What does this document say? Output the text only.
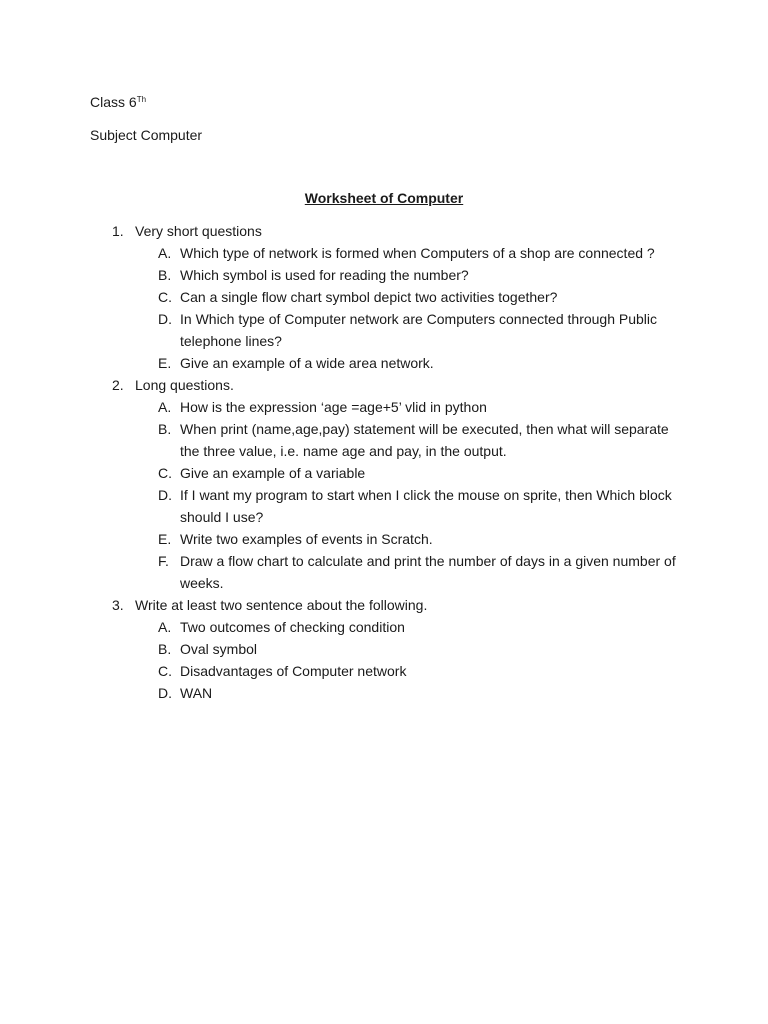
Class 6Th
Subject Computer
Worksheet of Computer
1. Very short questions
A. Which type of network is formed when Computers of a shop are connected ?
B. Which symbol is used for reading the number?
C. Can a single flow chart symbol depict two activities together?
D. In Which type of Computer network are Computers connected through Public telephone lines?
E. Give an example of a wide area network.
2. Long questions.
A. How is the expression ‘age =age+5’ vlid in python
B. When print (name,age,pay) statement will be executed, then what will separate the three value, i.e. name age and pay, in the output.
C. Give an example of a variable
D. If I want my program to start when I click the mouse on sprite, then Which block should I use?
E. Write two examples of events in Scratch.
F. Draw a flow chart to calculate and print the number of days in a given number of weeks.
3. Write at least two sentence about the following.
A. Two outcomes of checking condition
B. Oval symbol
C. Disadvantages of Computer network
D. WAN
